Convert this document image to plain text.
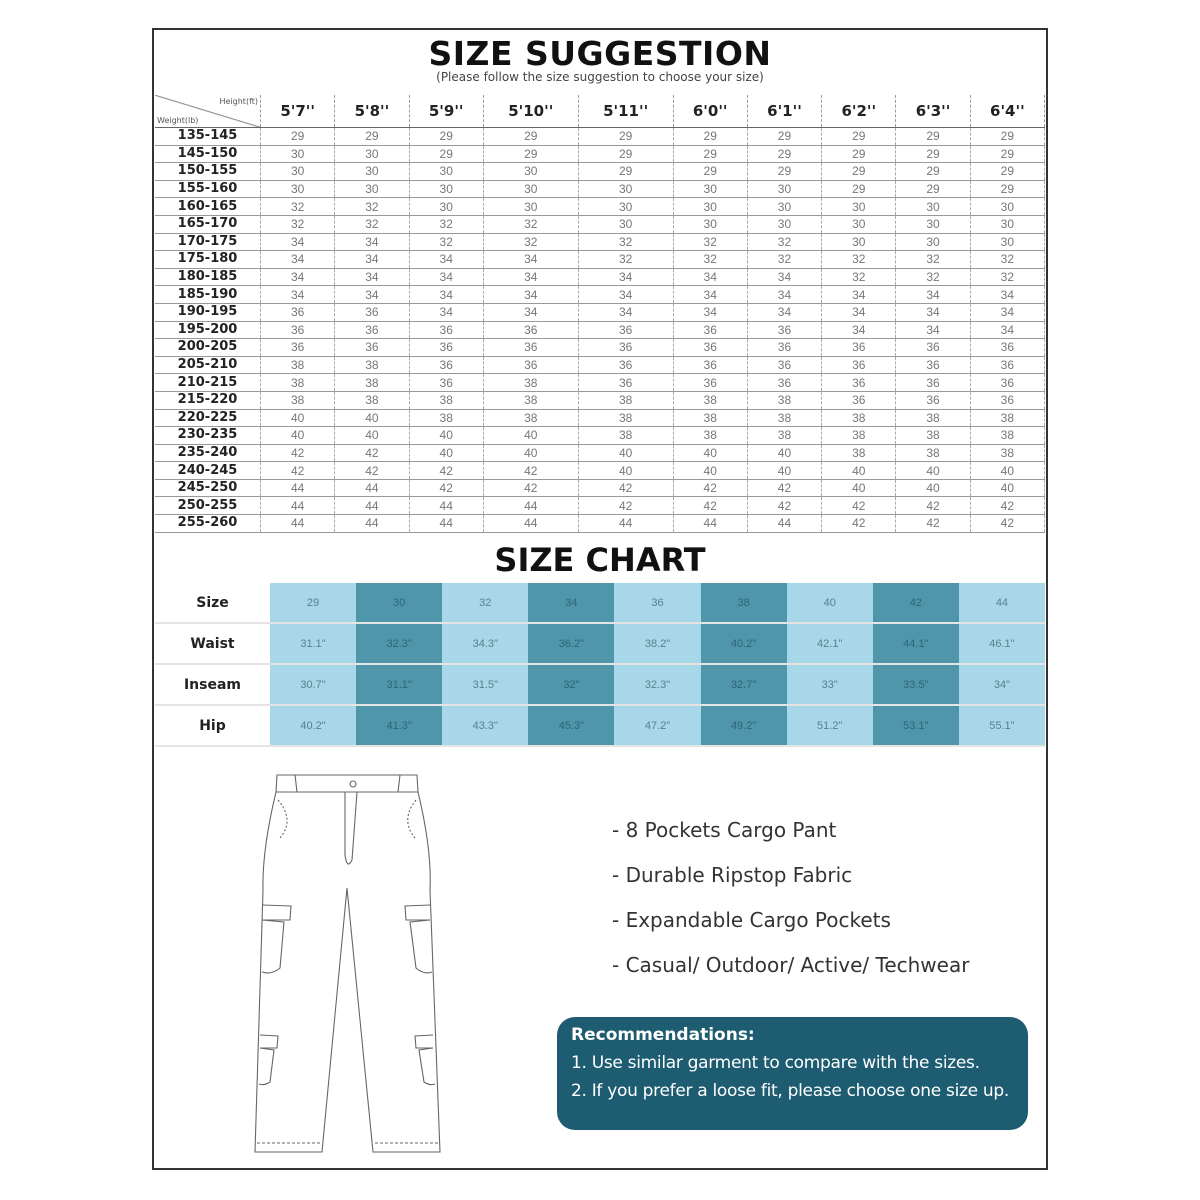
SIZE SUGGESTION
(Please follow the size suggestion to choose your size)
Height(ft)
Weight(lb)	5'7''	5'8''	5'9''	5'10''	5'11''	6'0''	6'1''	6'2''	6'3''	6'4''
135-145	29	29	29	29	29	29	29	29	29	29
145-150	30	30	29	29	29	29	29	29	29	29
150-155	30	30	30	30	29	29	29	29	29	29
155-160	30	30	30	30	30	30	30	29	29	29
160-165	32	32	30	30	30	30	30	30	30	30
165-170	32	32	32	32	30	30	30	30	30	30
170-175	34	34	32	32	32	32	32	30	30	30
175-180	34	34	34	34	32	32	32	32	32	32
180-185	34	34	34	34	34	34	34	32	32	32
185-190	34	34	34	34	34	34	34	34	34	34
190-195	36	36	34	34	34	34	34	34	34	34
195-200	36	36	36	36	36	36	36	34	34	34
200-205	36	36	36	36	36	36	36	36	36	36
205-210	38	38	36	36	36	36	36	36	36	36
210-215	38	38	36	38	36	36	36	36	36	36
215-220	38	38	38	38	38	38	38	36	36	36
220-225	40	40	38	38	38	38	38	38	38	38
230-235	40	40	40	40	38	38	38	38	38	38
235-240	42	42	40	40	40	40	40	38	38	38
240-245	42	42	42	42	40	40	40	40	40	40
245-250	44	44	42	42	42	42	42	40	40	40
250-255	44	44	44	44	42	42	42	42	42	42
255-260	44	44	44	44	44	44	44	42	42	42
SIZE CHART
Size	29	30	32	34	36	38	40	42	44
Waist	31.1"	32.3"	34.3"	36.2"	38.2"	40.2"	42.1"	44.1"	46.1"
Inseam	30.7"	31.1"	31.5"	32"	32.3"	32.7"	33"	33.5"	34"
Hip	40.2"	41.3"	43.3"	45.3"	47.2"	49.2"	51.2"	53.1"	55.1"
- 8 Pockets Cargo Pant
- Durable Ripstop Fabric
- Expandable Cargo Pockets
- Casual/ Outdoor/ Active/ Techwear
Recommendations:
1. Use similar garment to compare with the sizes.
2. If you prefer a loose fit, please choose one size up.
